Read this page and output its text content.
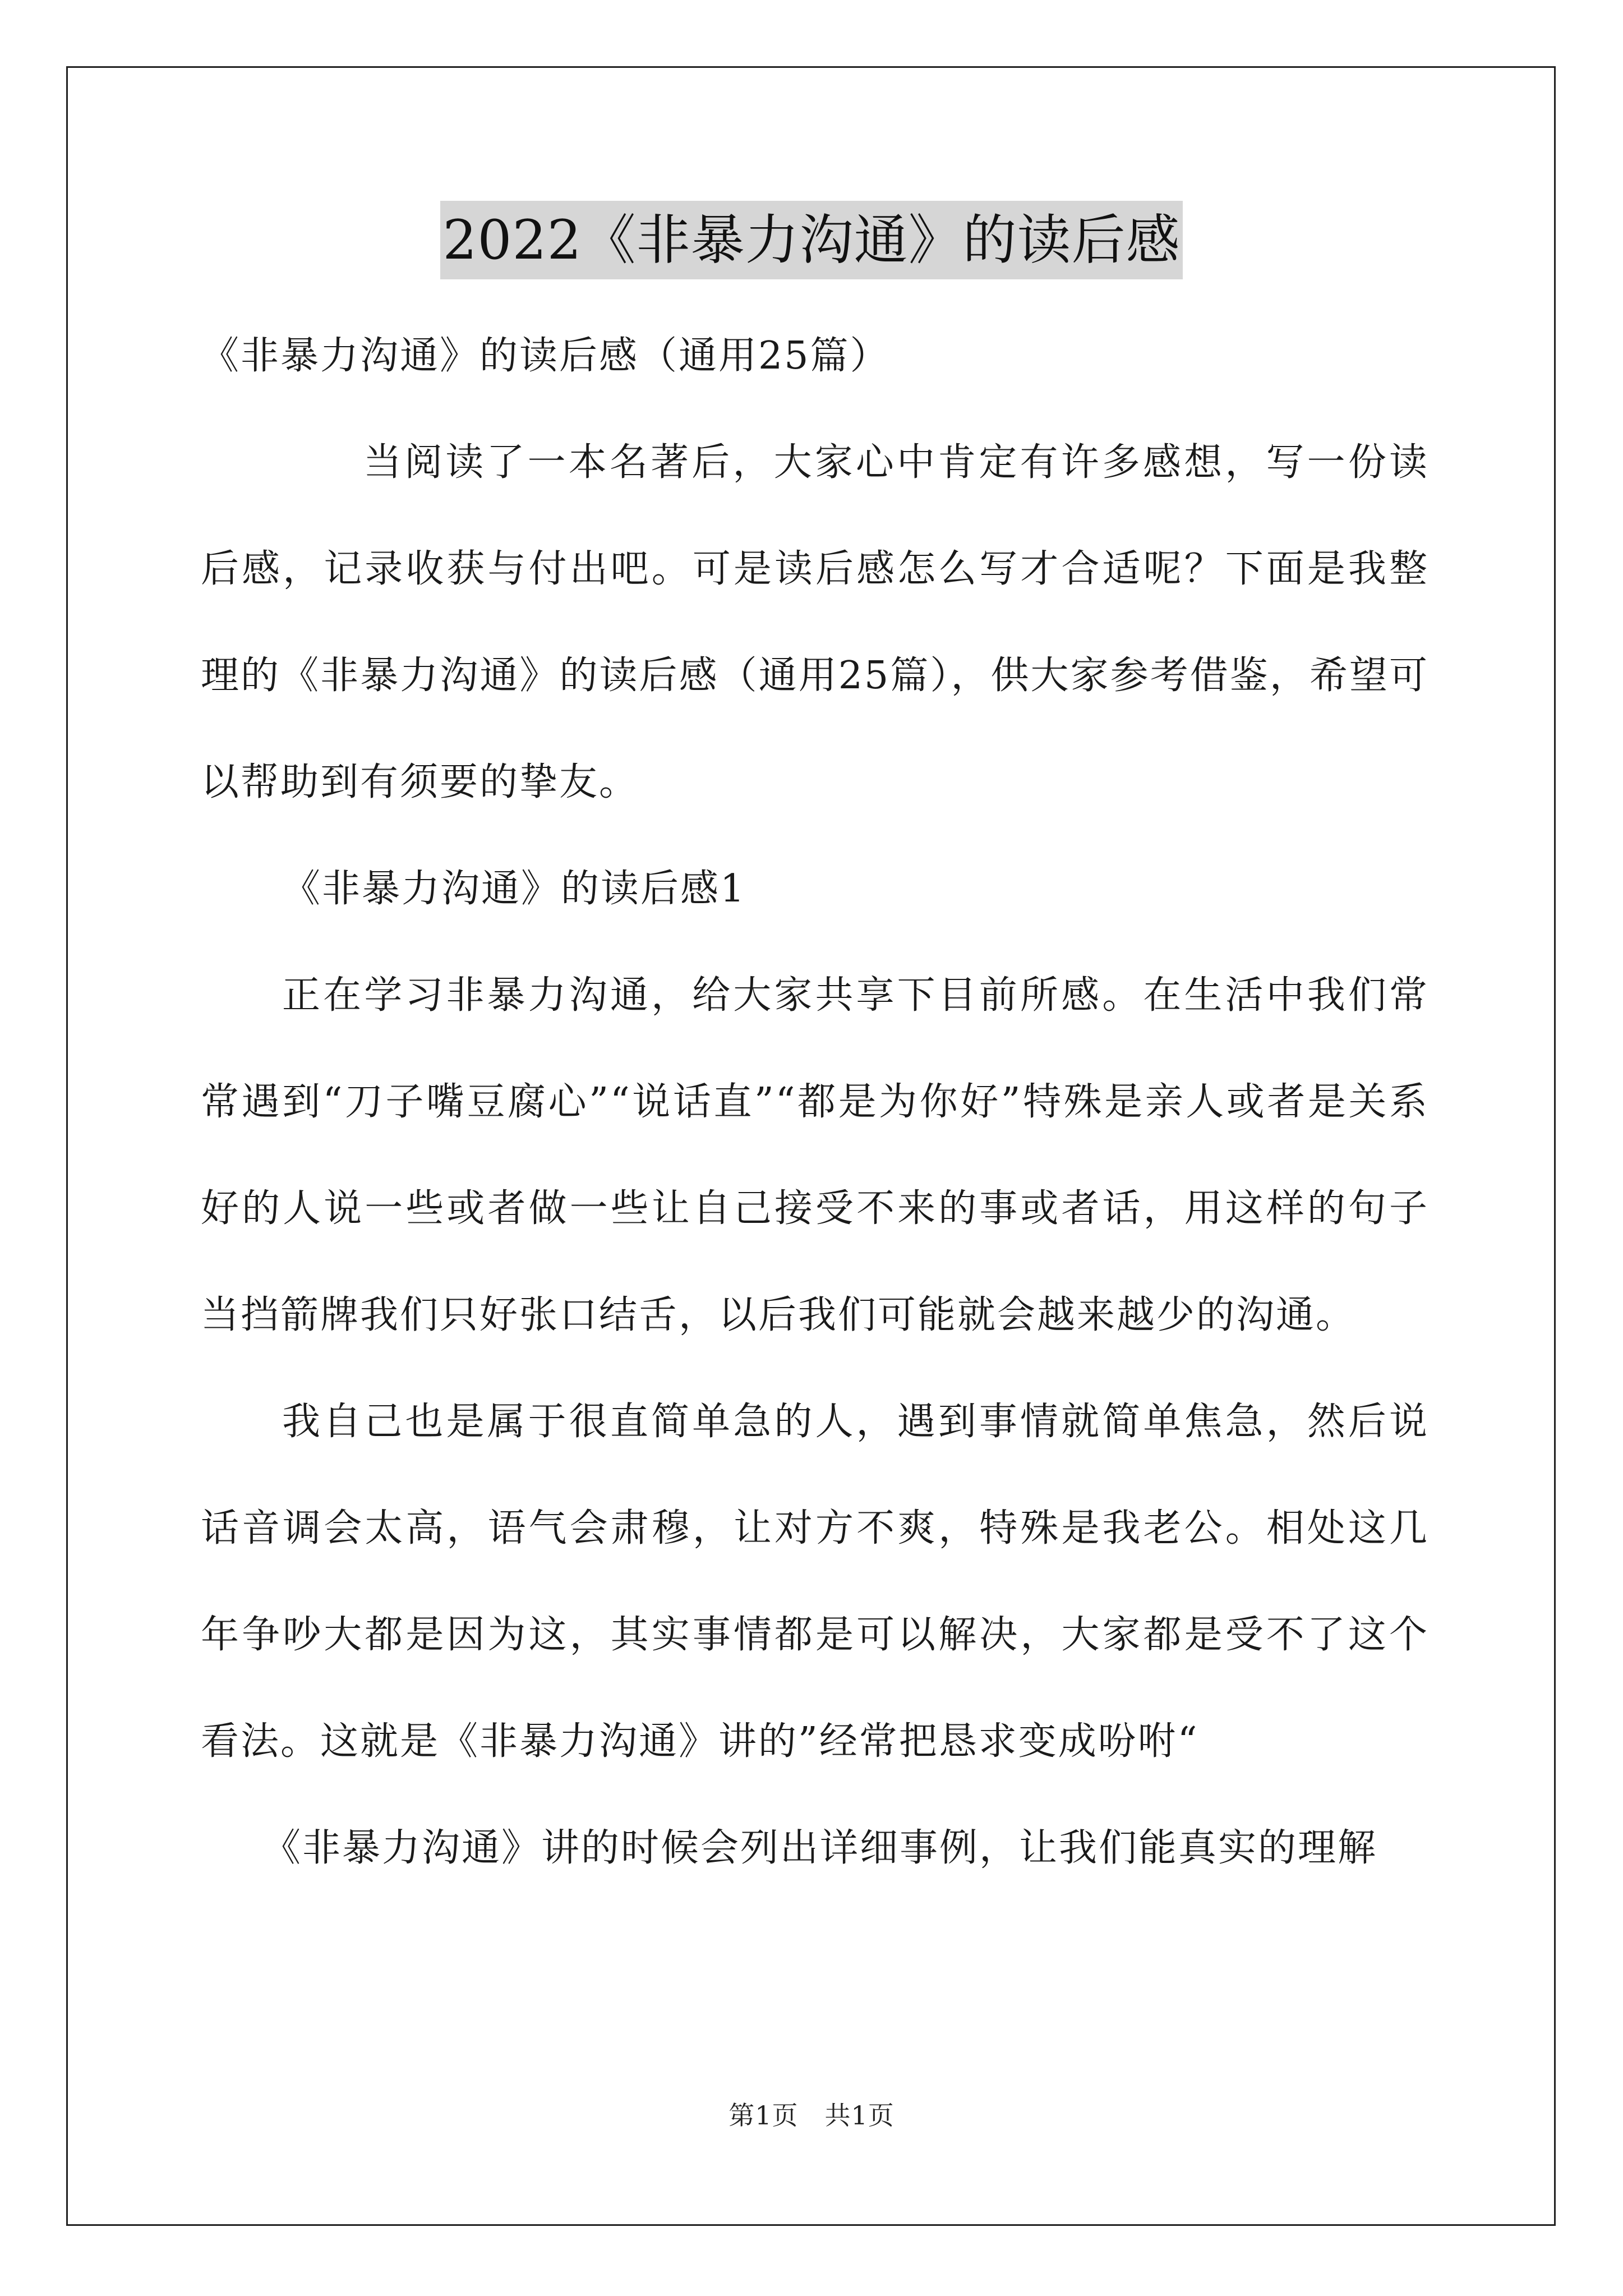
2022《非暴力沟通》的读后感

《非暴力沟通》的读后感（通用25篇）

当阅读了一本名著后，大家心中肯定有许多感想，写一份读后感，记录收获与付出吧。可是读后感怎么写才合适呢？下面是我整理的《非暴力沟通》的读后感（通用25篇），供大家参考借鉴，希望可以帮助到有须要的挚友。

《非暴力沟通》的读后感1

正在学习非暴力沟通，给大家共享下目前所感。在生活中我们常常遇到“刀子嘴豆腐心”“说话直”“都是为你好”特殊是亲人或者是关系好的人说一些或者做一些让自己接受不来的事或者话，用这样的句子当挡箭牌我们只好张口结舌，以后我们可能就会越来越少的沟通。

我自己也是属于很直简单急的人，遇到事情就简单焦急，然后说话音调会太高，语气会肃穆，让对方不爽，特殊是我老公。相处这几年争吵大都是因为这，其实事情都是可以解决，大家都是受不了这个看法。这就是《非暴力沟通》讲的”经常把恳求变成吩咐“

《非暴力沟通》讲的时候会列出详细事例，让我们能真实的理解

第1页 共1页
